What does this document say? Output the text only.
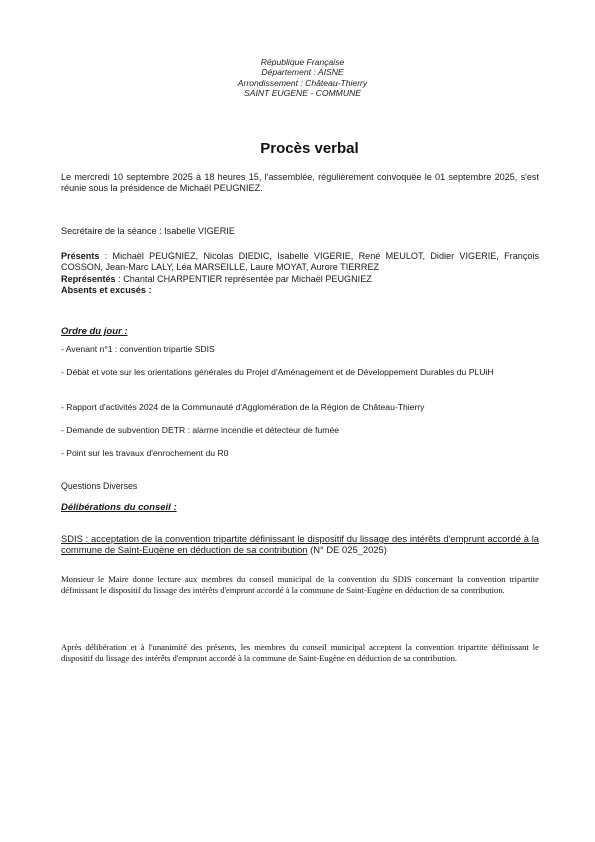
République Française
Département : AISNE
Arrondissement : Château-Thierry
SAINT EUGENE - COMMUNE
Procès verbal
Le mercredi 10 septembre 2025 à 18 heures 15, l'assemblée, régulièrement convoquée le 01 septembre 2025, s'est réunie sous la présidence de Michaël PEUGNIEZ.
Secrétaire de la séance : Isabelle VIGERIE
Présents : Michaël PEUGNIEZ, Nicolas DIEDIC, Isabelle VIGERIE, René MEULOT, Didier VIGERIE, François COSSON, Jean-Marc LALY, Léa MARSEILLE, Laure MOYAT, Aurore TIERREZ
Représentés : Chantal CHARPENTIER représentée par Michaël PEUGNIEZ
Absents et excusés :
Ordre du jour :
- Avenant n°1 : convention tripartie SDIS
- Débat et vote sur les orientations générales du Projet d'Aménagement et de Développement Durables du PLUiH
- Rapport d'activités 2024 de la Communauté d'Agglomération de la Région de Château-Thierry
- Demande de subvention DETR : alarme incendie et détecteur de fumée
- Point sur les travaux d'enrochement du R0
Questions Diverses
Délibérations du conseil :
SDIS : acceptation de la convention tripartite définissant le dispositif du lissage des intérêts d'emprunt accordé à la commune de Saint-Eugène en déduction de sa contribution (N° DE 025_2025)
Monsieur le Maire donne lecture aux membres du conseil municipal de la convention du SDIS concernant la convention tripartite définissant le dispositif du lissage des intérêts d'emprunt accordé à la commune de Saint-Eugène en déduction de sa contribution.
Après délibération et à l'unanimité des présents, les membres du conseil municipal acceptent la convention tripartite définissant le dispositif du lissage des intérêts d'emprunt accordé à la commune de Saint-Eugène en déduction de sa contribution.
